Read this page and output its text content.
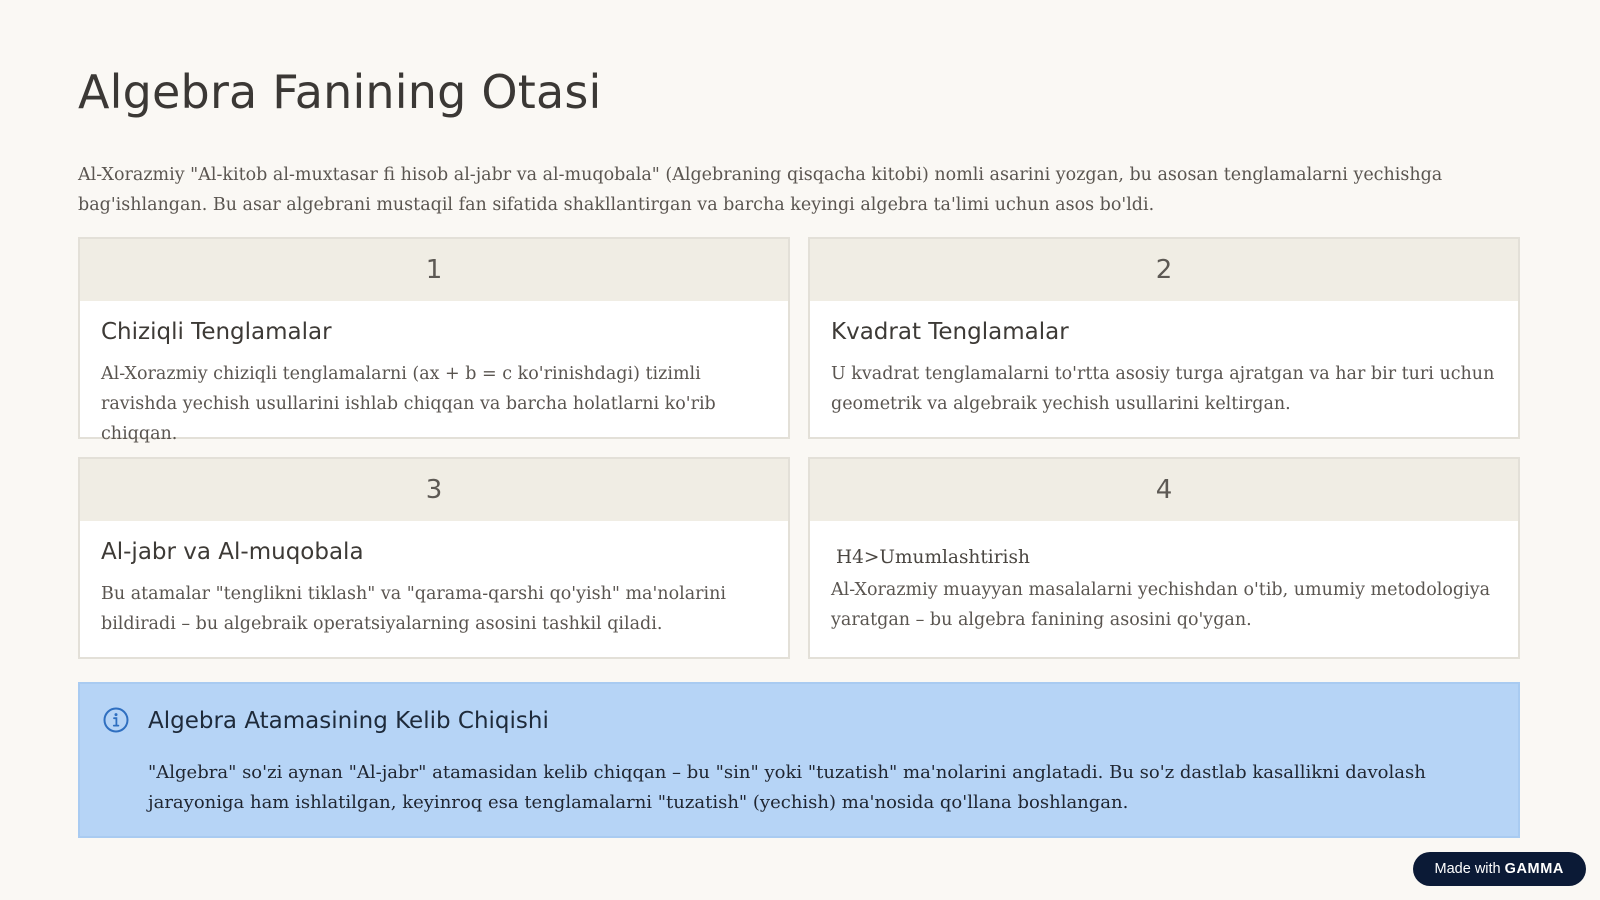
Algebra Fanining Otasi

Al-Xorazmiy "Al-kitob al-muxtasar fi hisob al-jabr va al-muqobala" (Algebraning qisqacha kitobi) nomli asarini yozgan, bu asosan tenglamalarni yechishga bag'ishlangan. Bu asar algebrani mustaqil fan sifatida shakllantirgan va barcha keyingi algebra ta'limi uchun asos bo'ldi.

1
Chiziqli Tenglamalar

Al-Xorazmiy chiziqli tenglamalarni (ax + b = c ko'rinishdagi) tizimli ravishda yechish usullarini ishlab chiqqan va barcha holatlarni ko'rib chiqqan.

2
Kvadrat Tenglamalar

U kvadrat tenglamalarni to'rtta asosiy turga ajratgan va har bir turi uchun geometrik va algebraik yechish usullarini keltirgan.

3
Al-jabr va Al-muqobala

Bu atamalar "tenglikni tiklash" va "qarama-qarshi qo'yish" ma'nolarini bildiradi – bu algebraik operatsiyalarning asosini tashkil qiladi.

4
H4>Umumlashtirish

Al-Xorazmiy muayyan masalalarni yechishdan o'tib, umumiy metodologiya yaratgan – bu algebra fanining asosini qo'ygan.

Algebra Atamasining Kelib Chiqishi

"Algebra" so'zi aynan "Al-jabr" atamasidan kelib chiqqan – bu "sin" yoki "tuzatish" ma'nolarini anglatadi. Bu so'z dastlab kasallikni davolash jarayoniga ham ishlatilgan, keyinroq esa tenglamalarni "tuzatish" (yechish) ma'nosida qo'llana boshlangan.

Made with GAMMA
